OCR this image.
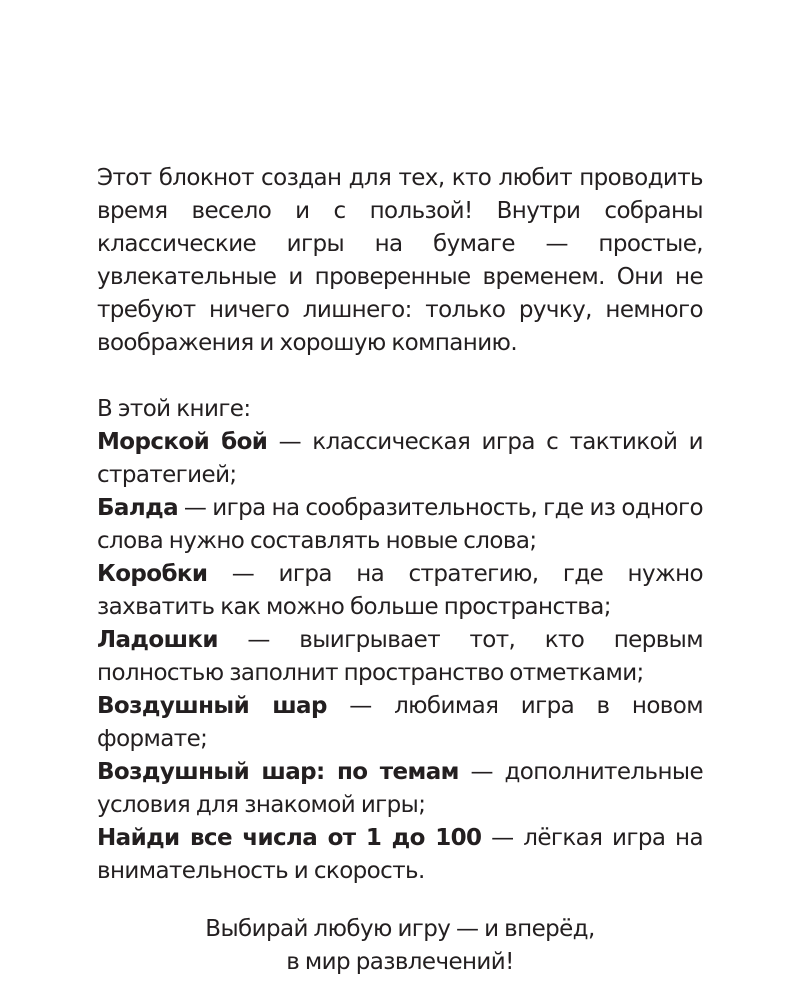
Этот блокнот создан для тех, кто любит проводить время весело и с пользой! Внутри собраны классические игры на бумаге — простые, увлекательные и проверенные временем. Они не требуют ничего лишнего: только ручку, немного воображения и хорошую компанию.

В этой книге:

Морской бой — классическая игра с тактикой и стратегией;
Балда — игра на сообразительность, где из одного слова нужно составлять новые слова;
Коробки — игра на стратегию, где нужно захватить как можно больше пространства;
Ладошки — выигрывает тот, кто первым полностью заполнит пространство отметками;
Воздушный шар — любимая игра в новом формате;
Воздушный шар: по темам — дополнительные условия для знакомой игры;
Найди все числа от 1 до 100 — лёгкая игра на внимательность и скорость.

Выбирай любую игру — и вперёд,
в мир развлечений!
